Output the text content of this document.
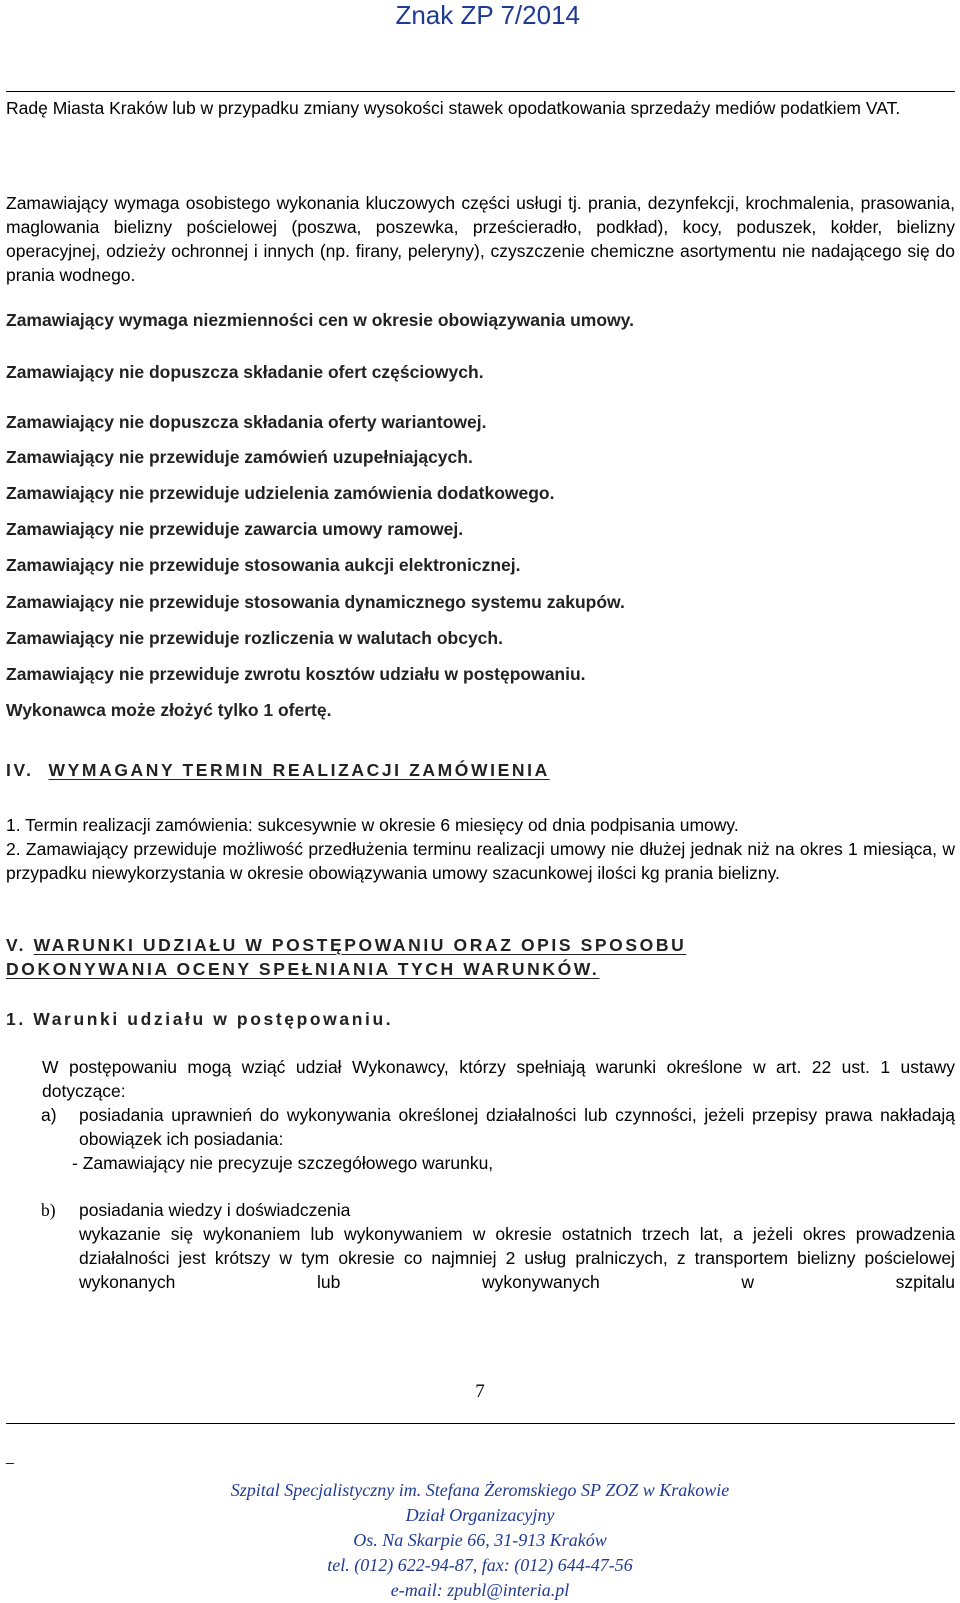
Znak ZP 7/2014
Radę Miasta Kraków lub w przypadku zmiany wysokości stawek opodatkowania sprzedaży mediów podatkiem VAT.
Zamawiający wymaga osobistego wykonania kluczowych części usługi tj. prania, dezynfekcji, krochmalenia, prasowania, maglowania bielizny pościelowej (poszwa, poszewka, prześcieradło, podkład), kocy, poduszek, kołder, bielizny operacyjnej, odzieży ochronnej i innych (np. firany, peleryny), czyszczenie chemiczne asortymentu nie nadającego się do prania wodnego.
Zamawiający wymaga niezmienności cen w okresie obowiązywania umowy.
Zamawiający nie dopuszcza składanie ofert częściowych.
Zamawiający nie dopuszcza składania oferty wariantowej.
Zamawiający nie przewiduje zamówień uzupełniających.
Zamawiający nie przewiduje udzielenia zamówienia dodatkowego.
Zamawiający nie przewiduje zawarcia umowy ramowej.
Zamawiający nie przewiduje stosowania aukcji elektronicznej.
Zamawiający nie przewiduje stosowania dynamicznego systemu zakupów.
Zamawiający nie przewiduje rozliczenia w walutach obcych.
Zamawiający nie przewiduje zwrotu kosztów udziału w postępowaniu.
Wykonawca może złożyć tylko 1 ofertę.
IV. WYMAGANY TERMIN REALIZACJI ZAMÓWIENIA
1. Termin realizacji zamówienia: sukcesywnie w okresie 6 miesięcy od dnia podpisania umowy.
2. Zamawiający przewiduje możliwość przedłużenia terminu realizacji umowy nie dłużej jednak niż na okres 1 miesiąca, w przypadku niewykorzystania w okresie obowiązywania umowy szacunkowej ilości kg prania bielizny.
V. WARUNKI UDZIAŁU W POSTĘPOWANIU ORAZ OPIS SPOSOBU
DOKONYWANIA OCENY SPEŁNIANIA TYCH WARUNKÓW.
1. Warunki udziału w postępowaniu.
W postępowaniu mogą wziąć udział Wykonawcy, którzy spełniają warunki określone w art. 22 ust. 1 ustawy dotyczące:
a) posiadania uprawnień do wykonywania określonej działalności lub czynności, jeżeli przepisy prawa nakładają obowiązek ich posiadania:
- Zamawiający nie precyzuje szczegółowego warunku,
b) posiadania wiedzy i doświadczenia
wykazanie się wykonaniem lub wykonywaniem w okresie ostatnich trzech lat, a jeżeli okres prowadzenia działalności jest krótszy w tym okresie co najmniej 2 usług pralniczych, z transportem bielizny pościelowej wykonanych lub wykonywanych w szpitalu
7
_
Szpital Specjalistyczny im. Stefana Żeromskiego SP ZOZ w Krakowie
Dział Organizacyjny
Os. Na Skarpie 66, 31-913 Kraków
tel. (012) 622-94-87, fax: (012) 644-47-56
e-mail: zpubl@interia.pl
